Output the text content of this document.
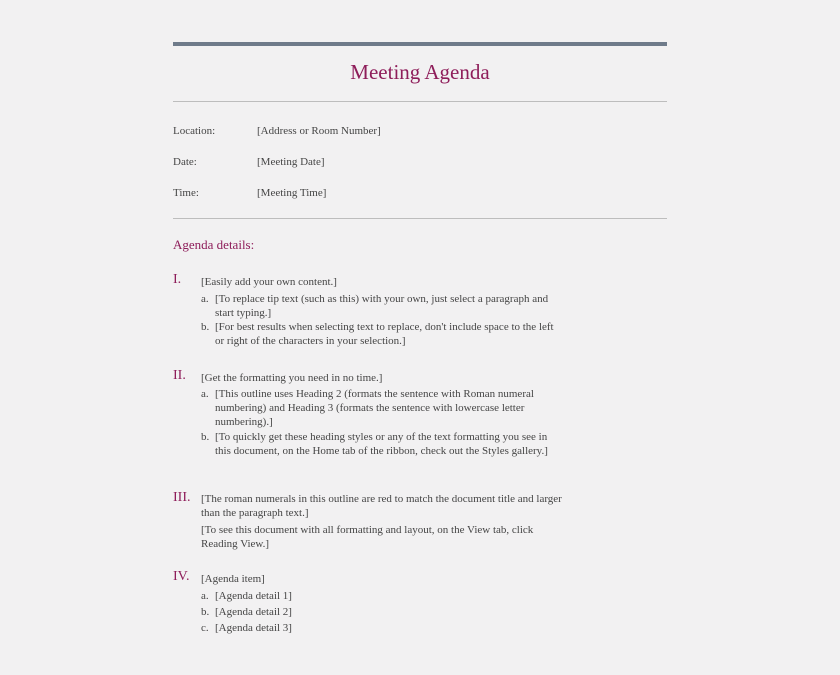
Meeting Agenda
Location:	[Address or Room Number]
Date:	[Meeting Date]
Time:	[Meeting Time]
Agenda details:
I. [Easily add your own content.]
a. [To replace tip text (such as this) with your own, just select a paragraph and start typing.]
b. [For best results when selecting text to replace, don't include space to the left or right of the characters in your selection.]
II. [Get the formatting you need in no time.]
a. [This outline uses Heading 2 (formats the sentence with Roman numeral numbering) and Heading 3 (formats the sentence with lowercase letter numbering).]
b. [To quickly get these heading styles or any of the text formatting you see in this document, on the Home tab of the ribbon, check out the Styles gallery.]
III. [The roman numerals in this outline are red to match the document title and larger than the paragraph text.]
[To see this document with all formatting and layout, on the View tab, click Reading View.]
IV. [Agenda item]
a. [Agenda detail 1]
b. [Agenda detail 2]
c. [Agenda detail 3]
